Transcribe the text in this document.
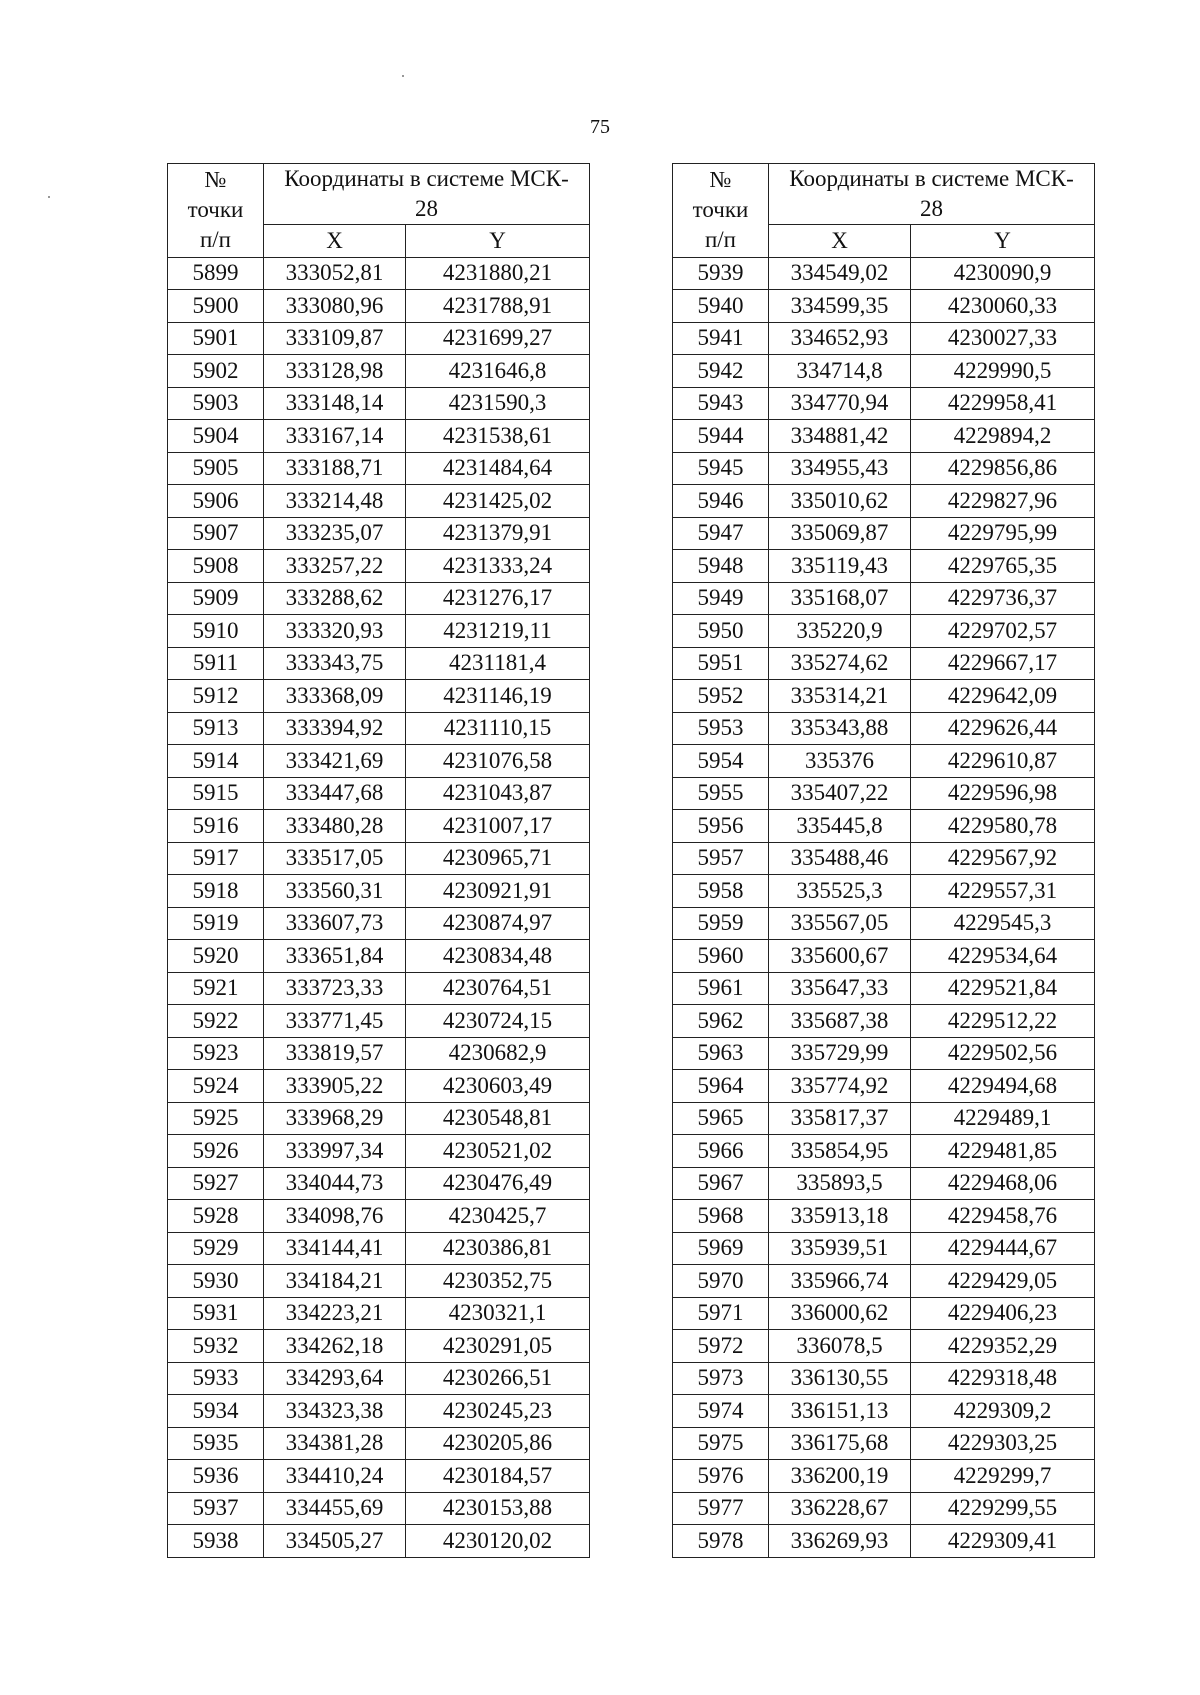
75
№
точки
п/п	Координаты в системе МСК-
28	
	X	Y
5899	333052,81	4231880,21
5900	333080,96	4231788,91
5901	333109,87	4231699,27
5902	333128,98	4231646,8
5903	333148,14	4231590,3
5904	333167,14	4231538,61
5905	333188,71	4231484,64
5906	333214,48	4231425,02
5907	333235,07	4231379,91
5908	333257,22	4231333,24
5909	333288,62	4231276,17
5910	333320,93	4231219,11
5911	333343,75	4231181,4
5912	333368,09	4231146,19
5913	333394,92	4231110,15
5914	333421,69	4231076,58
5915	333447,68	4231043,87
5916	333480,28	4231007,17
5917	333517,05	4230965,71
5918	333560,31	4230921,91
5919	333607,73	4230874,97
5920	333651,84	4230834,48
5921	333723,33	4230764,51
5922	333771,45	4230724,15
5923	333819,57	4230682,9
5924	333905,22	4230603,49
5925	333968,29	4230548,81
5926	333997,34	4230521,02
5927	334044,73	4230476,49
5928	334098,76	4230425,7
5929	334144,41	4230386,81
5930	334184,21	4230352,75
5931	334223,21	4230321,1
5932	334262,18	4230291,05
5933	334293,64	4230266,51
5934	334323,38	4230245,23
5935	334381,28	4230205,86
5936	334410,24	4230184,57
5937	334455,69	4230153,88
5938	334505,27	4230120,02
№
точки
п/п	Координаты в системе МСК-
28	
	X	Y
5939	334549,02	4230090,9
5940	334599,35	4230060,33
5941	334652,93	4230027,33
5942	334714,8	4229990,5
5943	334770,94	4229958,41
5944	334881,42	4229894,2
5945	334955,43	4229856,86
5946	335010,62	4229827,96
5947	335069,87	4229795,99
5948	335119,43	4229765,35
5949	335168,07	4229736,37
5950	335220,9	4229702,57
5951	335274,62	4229667,17
5952	335314,21	4229642,09
5953	335343,88	4229626,44
5954	335376	4229610,87
5955	335407,22	4229596,98
5956	335445,8	4229580,78
5957	335488,46	4229567,92
5958	335525,3	4229557,31
5959	335567,05	4229545,3
5960	335600,67	4229534,64
5961	335647,33	4229521,84
5962	335687,38	4229512,22
5963	335729,99	4229502,56
5964	335774,92	4229494,68
5965	335817,37	4229489,1
5966	335854,95	4229481,85
5967	335893,5	4229468,06
5968	335913,18	4229458,76
5969	335939,51	4229444,67
5970	335966,74	4229429,05
5971	336000,62	4229406,23
5972	336078,5	4229352,29
5973	336130,55	4229318,48
5974	336151,13	4229309,2
5975	336175,68	4229303,25
5976	336200,19	4229299,7
5977	336228,67	4229299,55
5978	336269,93	4229309,41
